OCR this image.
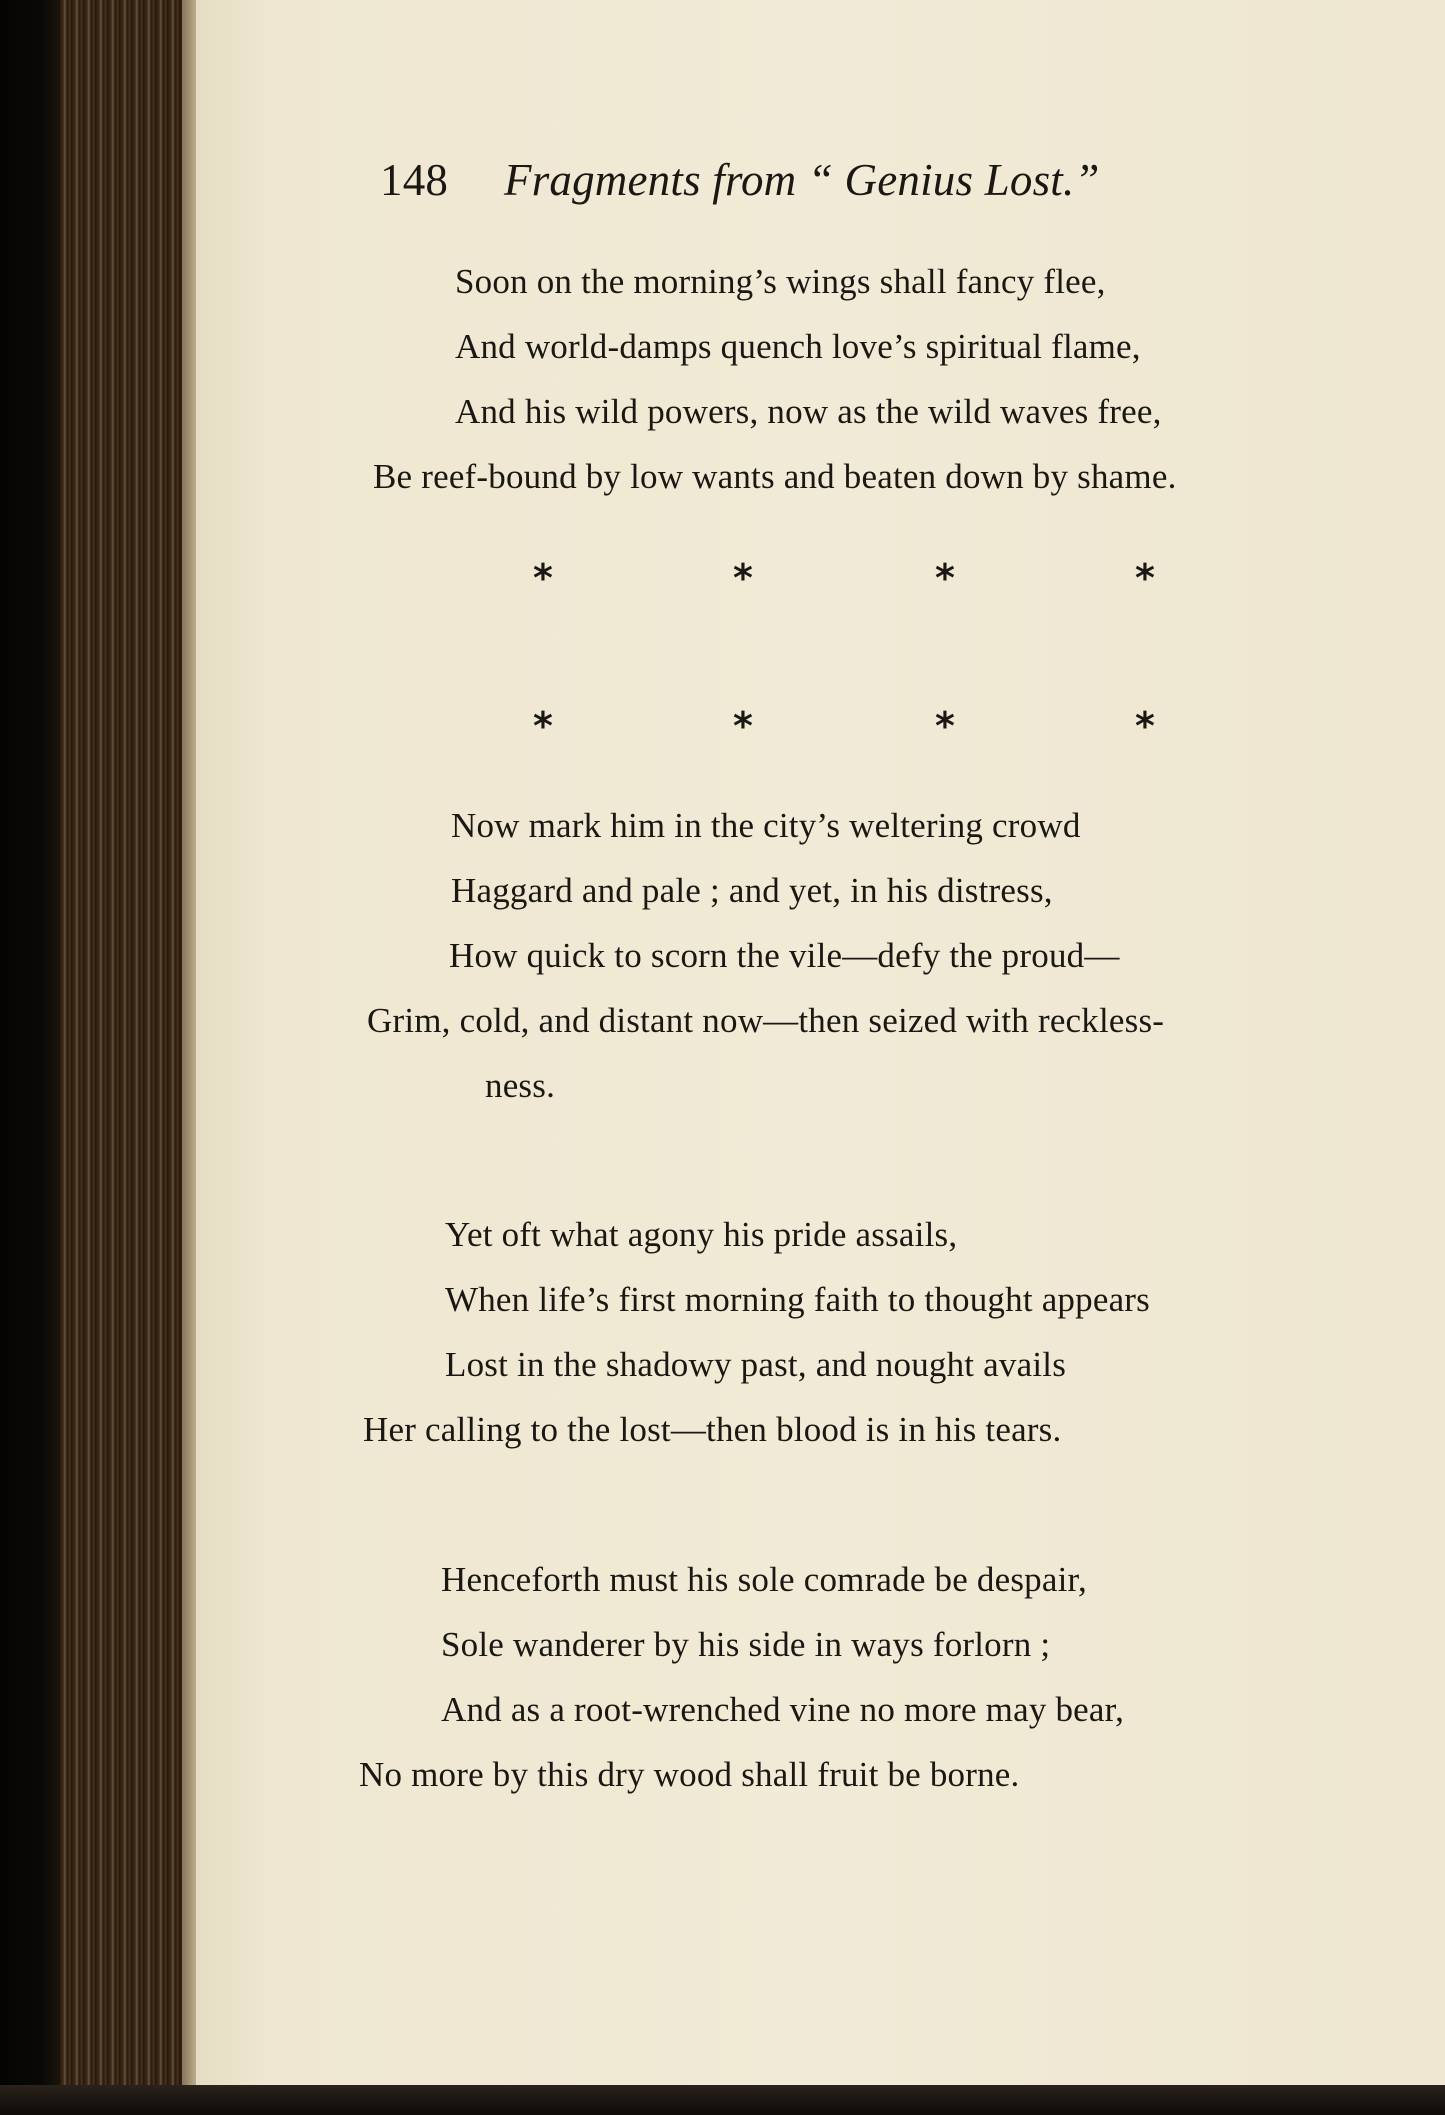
148 Fragments from “ Genius Lost.”
Soon on the morning’s wings shall fancy flee,
And world-damps quench love’s spiritual flame,
And his wild powers, now as the wild waves free,
Be reef-bound by low wants and beaten down by shame.
*	*	*	*
*	*	*	*
Now mark him in the city’s weltering crowd
Haggard and pale ; and yet, in his distress,
How quick to scorn the vile—defy the proud—
Grim, cold, and distant now—then seized with reckless-
ness.
Yet oft what agony his pride assails,
When life’s first morning faith to thought appears
Lost in the shadowy past, and nought avails
Her calling to the lost—then blood is in his tears.
Henceforth must his sole comrade be despair,
Sole wanderer by his side in ways forlorn ;
And as a root-wrenched vine no more may bear,
No more by this dry wood shall fruit be borne.
